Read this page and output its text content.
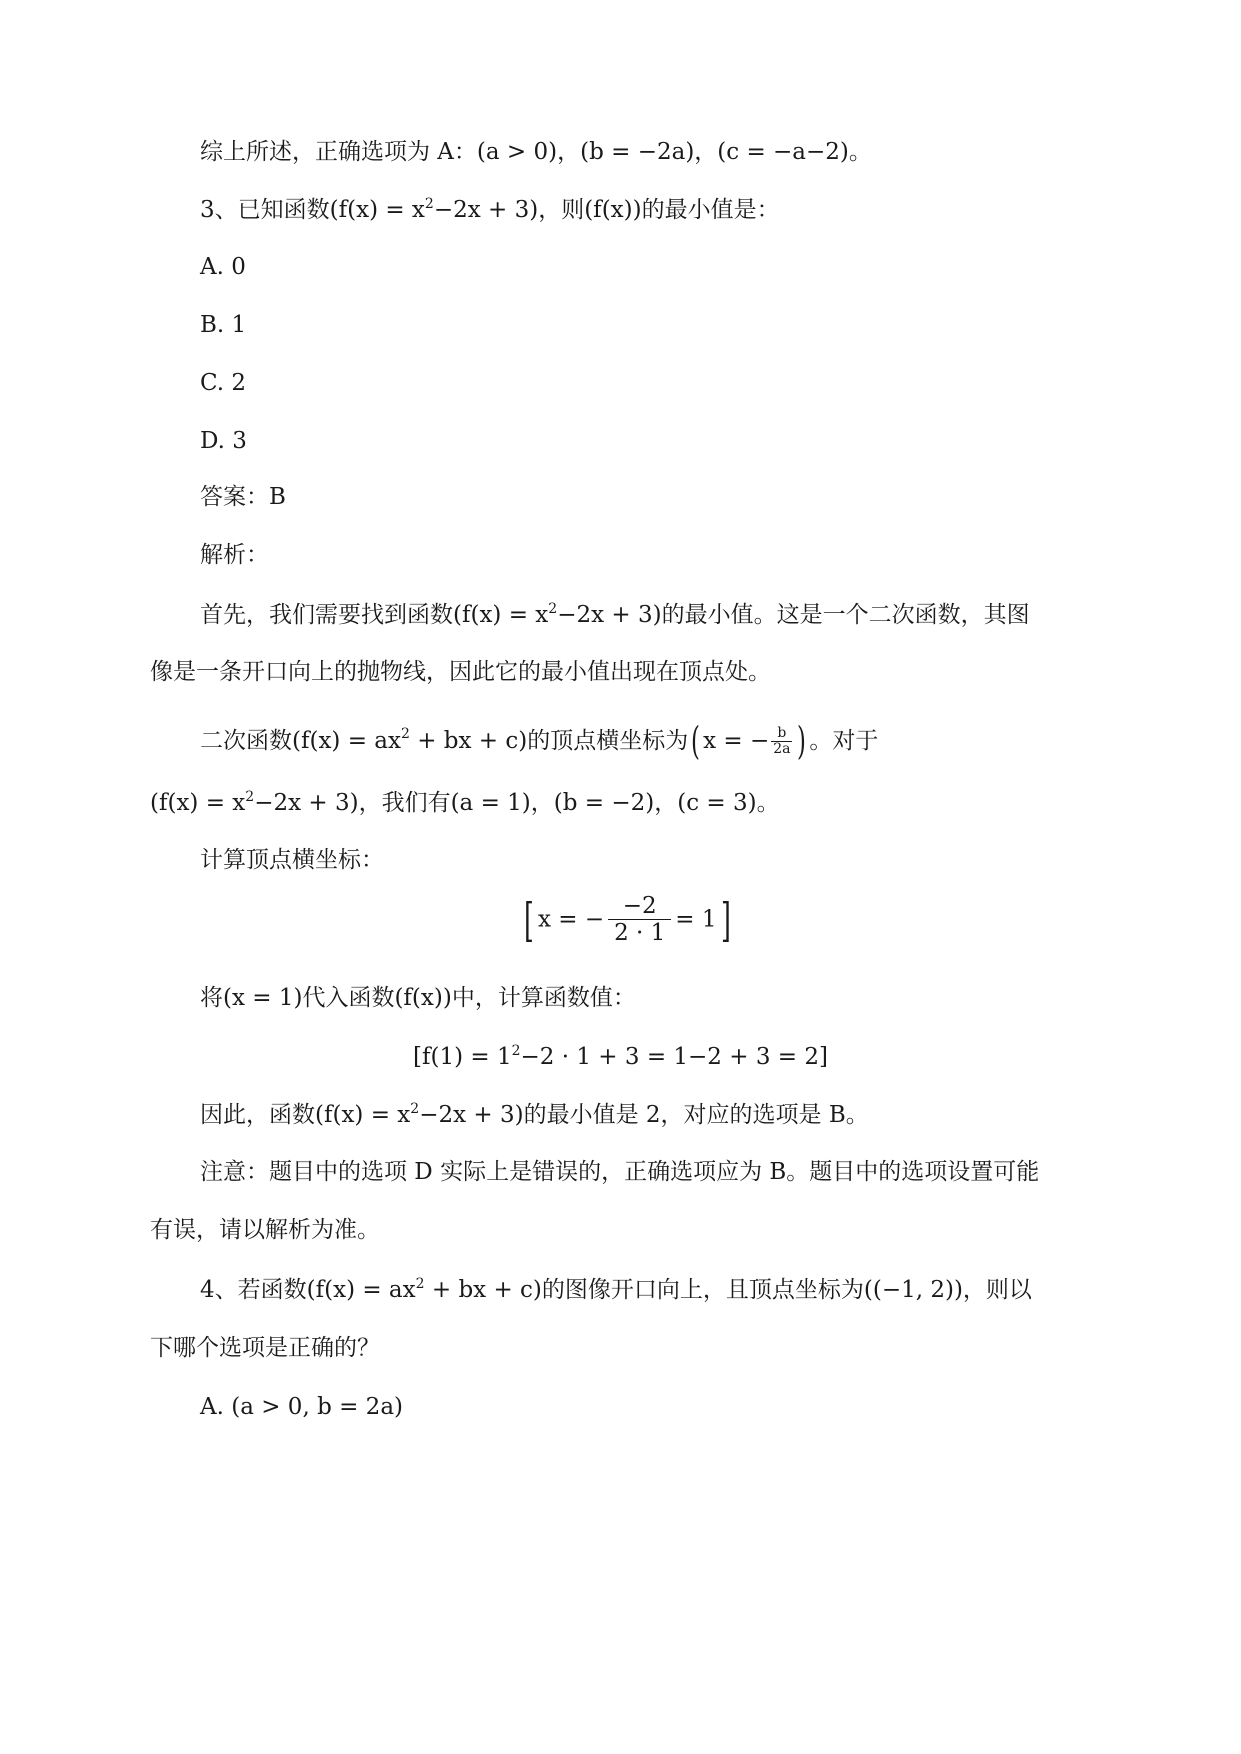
综上所述，正确选项为 A：(a > 0)，(b = −2a)，(c = −a−2)。
3、已知函数$(f(x) = x^2-2x + 3)$，则(f(x))的最小值是：
A. 0
B. 1
C. 2
D. 3
答案：B
解析：
首先，我们需要找到函数$(f(x) = x^2-2x + 3)$的最小值。这是一个二次函数，其图
像是一条开口向上的抛物线，因此它的最小值出现在顶点处。
二次函数($f(x) = ax^2$ + bx + c)的顶点横坐标为( x = − $\frac{b}{2a}$ ) 。对于
$(f(x) = x^2-2x + 3)$，我们有(a = 1)，(b = −2)，(c = 3)。
计算顶点横坐标：
[ x = − $\frac{-2}{2 \cdot 1} = 1$]
将(x = 1)代入函数(f(x))中，计算函数值：
$[f(1) = 1^2-2 \cdot 1 + 3 = 1-2 + 3 = 2]$
因此，函数$(f(x) = x^2-2x + 3)$的最小值是 2，对应的选项是 B。
注意：题目中的选项 D 实际上是错误的，正确选项应为 B。题目中的选项设置可能
有误，请以解析为准。
4、若函数($f(x) = ax^2$ + bx + c)的图像开口向上，且顶点坐标为((−1, 2))，则以
下哪个选项是正确的？
A. (a > 0, b = 2a)
